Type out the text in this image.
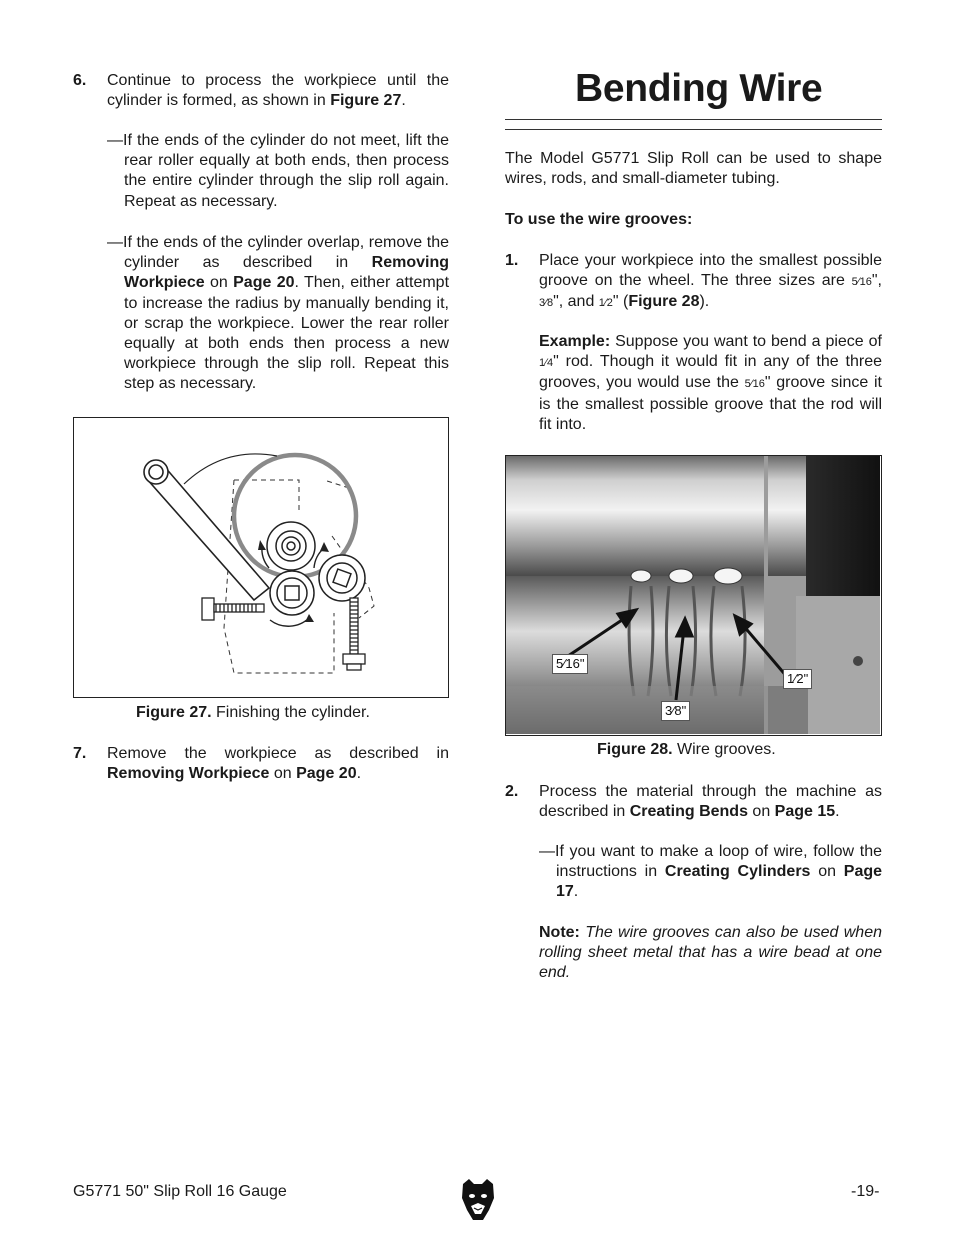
6. Continue to process the workpiece until the cylinder is formed, as shown in Figure 27.

—If the ends of the cylinder do not meet, lift the rear roller equally at both ends, then process the entire cylinder through the slip roll again. Repeat as necessary.

—If the ends of the cylinder overlap, remove the cylinder as described in Removing Workpiece on Page 20. Then, either attempt to increase the radius by manually bending it, or scrap the workpiece. Lower the rear roller equally at both ends then process a new workpiece through the slip roll. Repeat this step as necessary.

Figure 27. Finishing the cylinder.

7. Remove the workpiece as described in Removing Workpiece on Page 20.

Bending Wire

The Model G5771 Slip Roll can be used to shape wires, rods, and small-diameter tubing.

To use the wire grooves:

1. Place your workpiece into the smallest possible groove on the wheel. The three sizes are 5⁄16", 3⁄8", and 1⁄2" (Figure 28).

Example: Suppose you want to bend a piece of 1⁄4" rod. Though it would fit in any of the three grooves, you would use the 5⁄16" groove since it is the smallest possible groove that the rod will fit into.

5⁄16"
3⁄8"
1⁄2"

Figure 28. Wire grooves.

2. Process the material through the machine as described in Creating Bends on Page 15.

—If you want to make a loop of wire, follow the instructions in Creating Cylinders on Page 17.

Note: The wire grooves can also be used when rolling sheet metal that has a wire bead at one end.

G5771 50" Slip Roll 16 Gauge	-19-
